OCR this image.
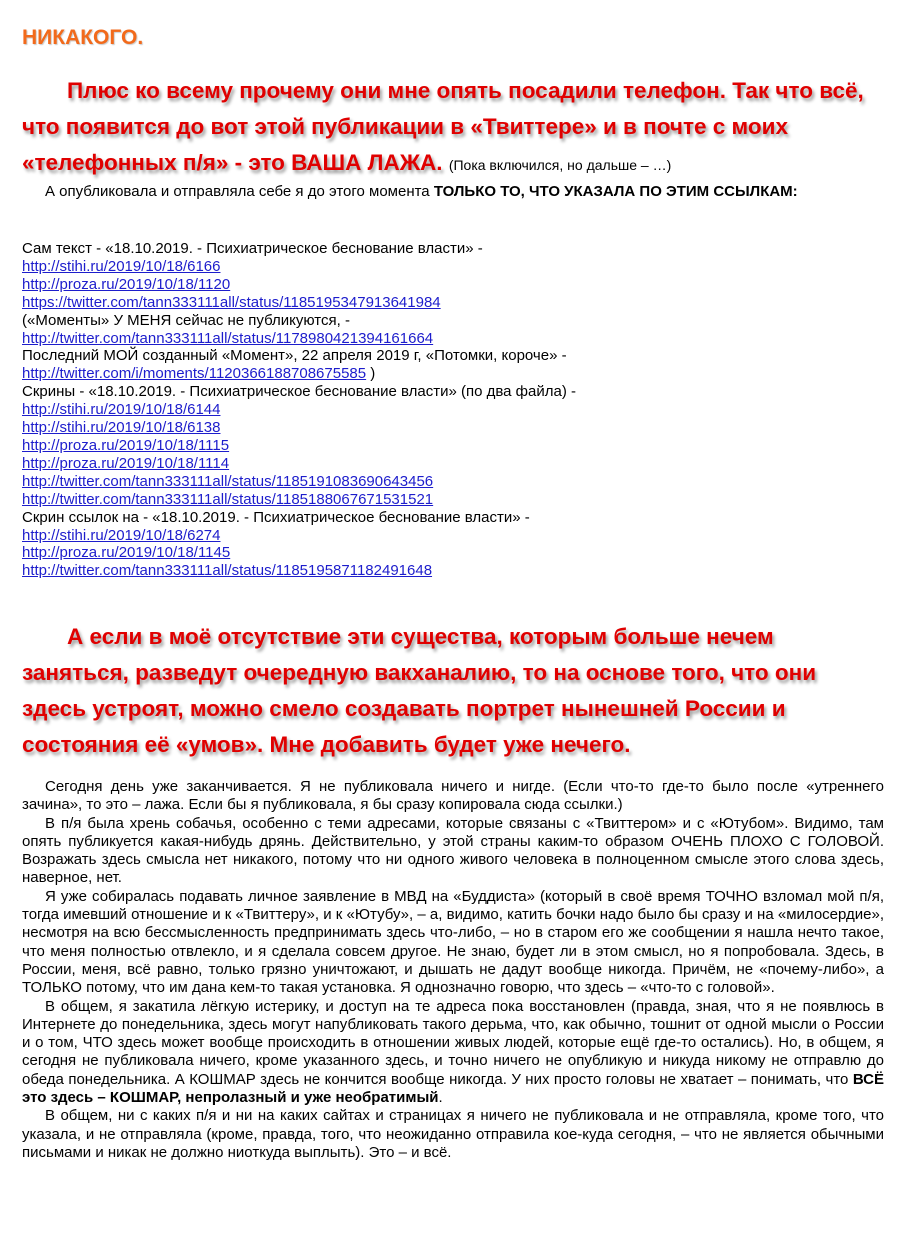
НИКАКОГО.

Плюс ко всему прочему они мне опять посадили телефон. Так что всё, что появится до вот этой публикации в «Твиттере» и в почте с моих «телефонных п/я» - это ВАША ЛАЖА. (Пока включился, но дальше – …)

А опубликовала и отправляла себе я до этого момента ТОЛЬКО ТО, ЧТО УКАЗАЛА ПО ЭТИМ ССЫЛКАМ:

Сам текст - «18.10.2019. - Психиатрическое беснование власти» -
http://stihi.ru/2019/10/18/6166
http://proza.ru/2019/10/18/1120
https://twitter.com/tann333111all/status/1185195347913641984
(«Моменты» У МЕНЯ сейчас не публикуются, -
http://twitter.com/tann333111all/status/1178980421394161664
Последний МОЙ созданный «Момент», 22 апреля 2019 г, «Потомки, короче» -
http://twitter.com/i/moments/1120366188708675585 )
Скрины - «18.10.2019. - Психиатрическое беснование власти» (по два файла) -
http://stihi.ru/2019/10/18/6144
http://stihi.ru/2019/10/18/6138
http://proza.ru/2019/10/18/1115
http://proza.ru/2019/10/18/1114
http://twitter.com/tann333111all/status/1185191083690643456
http://twitter.com/tann333111all/status/1185188067671531521
Скрин ссылок на - «18.10.2019. - Психиатрическое беснование власти» -
http://stihi.ru/2019/10/18/6274
http://proza.ru/2019/10/18/1145
http://twitter.com/tann333111all/status/1185195871182491648

А если в моё отсутствие эти существа, которым больше нечем заняться, разведут очередную вакханалию, то на основе того, что они здесь устроят, можно смело создавать портрет нынешней России и состояния её «умов». Мне добавить будет уже нечего.

Сегодня день уже заканчивается. Я не публиковала ничего и нигде. (Если что-то где-то было после «утреннего зачина», то это – лажа. Если бы я публиковала, я бы сразу копировала сюда ссылки.)

В п/я была хрень собачья, особенно с теми адресами, которые связаны с «Твиттером» и с «Ютубом». Видимо, там опять публикуется какая-нибудь дрянь. Действительно, у этой страны каким-то образом ОЧЕНЬ ПЛОХО С ГОЛОВОЙ. Возражать здесь смысла нет никакого, потому что ни одного живого человека в полноценном смысле этого слова здесь, наверное, нет.

Я уже собиралась подавать личное заявление в МВД на «Буддиста» (который в своё время ТОЧНО взломал мой п/я, тогда имевший отношение и к «Твиттеру», и к «Ютубу», – а, видимо, катить бочки надо было бы сразу и на «милосердие», несмотря на всю бессмысленность предпринимать здесь что-либо, – но в старом его же сообщении я нашла нечто такое, что меня полностью отвлекло, и я сделала совсем другое. Не знаю, будет ли в этом смысл, но я попробовала. Здесь, в России, меня, всё равно, только грязно уничтожают, и дышать не дадут вообще никогда. Причём, не «почему-либо», а ТОЛЬКО потому, что им дана кем-то такая установка. Я однозначно говорю, что здесь – «что-то с головой».

В общем, я закатила лёгкую истерику, и доступ на те адреса пока восстановлен (правда, зная, что я не появлюсь в Интернете до понедельника, здесь могут напубликовать такого дерьма, что, как обычно, тошнит от одной мысли о России и о том, ЧТО здесь может вообще происходить в отношении живых людей, которые ещё где-то остались). Но, в общем, я сегодня не публиковала ничего, кроме указанного здесь, и точно ничего не опубликую и никуда никому не отправлю до обеда понедельника. А КОШМАР здесь не кончится вообще никогда. У них просто головы не хватает – понимать, что ВСЁ это здесь – КОШМАР, непролазный и уже необратимый.

В общем, ни с каких п/я и ни на каких сайтах и страницах я ничего не публиковала и не отправляла, кроме того, что указала, и не отправляла (кроме, правда, того, что неожиданно отправила кое-куда сегодня, – что не является обычными письмами и никак не должно ниоткуда выплыть). Это – и всё.
